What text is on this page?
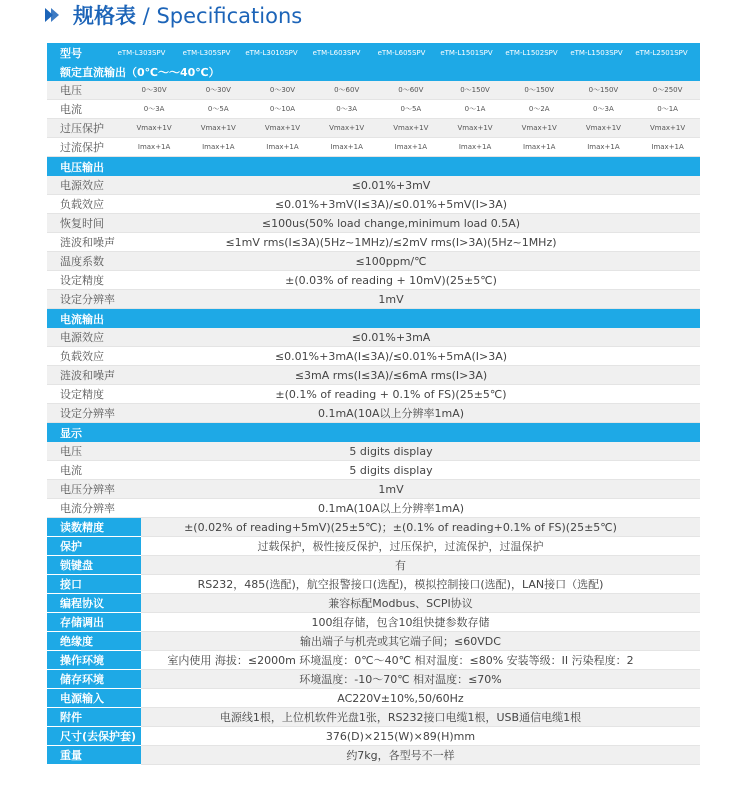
规格表 / Specifications
型号	eTM-L303SPV	eTM-L305SPV	eTM-L3010SPV	eTM-L603SPV	eTM-L605SPV	eTM-L1501SPV	eTM-L1502SPV	eTM-L1503SPV	eTM-L2501SPV
额定直流输出（0℃～～40℃）
电压	0～30V	0～30V	0～30V	0～60V	0～60V	0～150V	0～150V	0～150V	0～250V
电流	0～3A	0～5A	0～10A	0～3A	0～5A	0～1A	0～2A	0～3A	0～1A
过压保护	Vmax+1V	Vmax+1V	Vmax+1V	Vmax+1V	Vmax+1V	Vmax+1V	Vmax+1V	Vmax+1V	Vmax+1V
过流保护	Imax+1A	Imax+1A	Imax+1A	Imax+1A	Imax+1A	Imax+1A	Imax+1A	Imax+1A	Imax+1A
电压输出
电源效应	≤0.01%+3mV
负载效应	≤0.01%+3mV(I≤3A)/≤0.01%+5mV(I>3A)
恢复时间	≤100us(50% load change,minimum load 0.5A)
涟波和噪声	≤1mV rms(I≤3A)(5Hz~1MHz)/≤2mV rms(I>3A)(5Hz~1MHz)
温度系数	≤100ppm/℃
设定精度	±(0.03% of reading + 10mV)(25±5℃)
设定分辨率	1mV
电流输出
电源效应	≤0.01%+3mA
负载效应	≤0.01%+3mA(I≤3A)/≤0.01%+5mA(I>3A)
涟波和噪声	≤3mA rms(I≤3A)/≤6mA rms(I>3A)
设定精度	±(0.1% of reading + 0.1% of FS)(25±5℃)
设定分辨率	0.1mA(10A以上分辨率1mA)
显示
电压	5 digits display
电流	5 digits display
电压分辨率	1mV
电流分辨率	0.1mA(10A以上分辨率1mA)
读数精度	±(0.02% of reading+5mV)(25±5℃)；±(0.1% of reading+0.1% of FS)(25±5℃)
保护	过载保护，极性接反保护，过压保护，过流保护，过温保护
锁键盘	有
接口	RS232，485(选配)，航空报警接口(选配)，模拟控制接口(选配)，LAN接口（选配)
编程协议	兼容标配Modbus、SCPI协议
存储调出	100组存储，包含10组快捷参数存储
绝缘度	输出端子与机壳或其它端子间；≤60VDC
操作环境	室内使用 海拔：≤2000m 环境温度：0℃～40℃ 相对温度：≤80% 安装等级：II 污染程度：2
储存环境	环境温度：-10～70℃ 相对温度：≤70%
电源输入	AC220V±10%,50/60Hz
附件	电源线1根，上位机软件光盘1张，RS232接口电缆1根，USB通信电缆1根
尺寸(去保护套)	376(D)×215(W)×89(H)mm
重量	约7kg，各型号不一样
